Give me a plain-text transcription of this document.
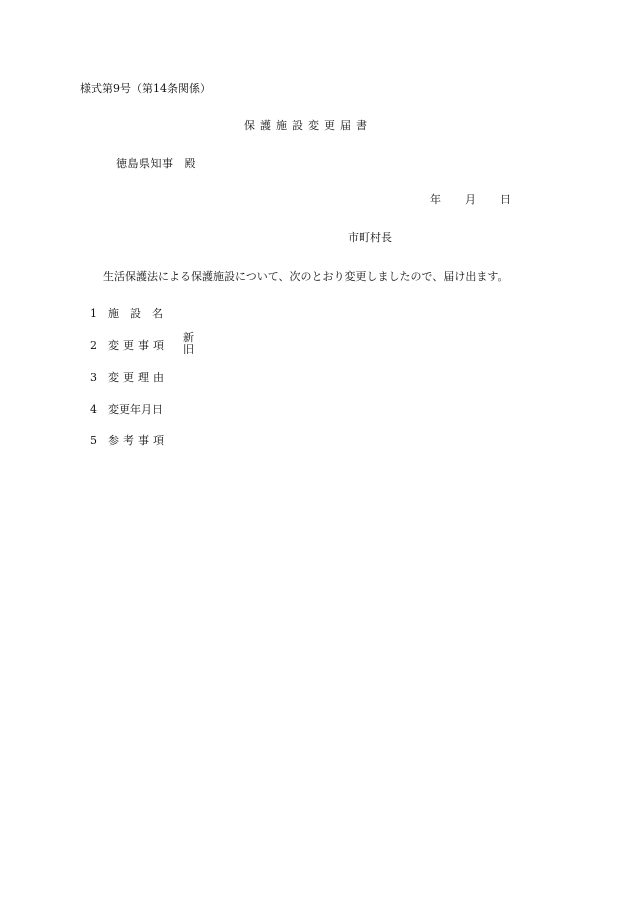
様式第9号（第14条関係）
保護施設変更届書
徳島県知事 殿
年 月 日
市町村長
生活保護法による保護施設について、次のとおり変更しましたので、届け出ます。
1 施設名
2 変更事項
新
旧
3 変更理由
4 変更年月日
5 参考事項
